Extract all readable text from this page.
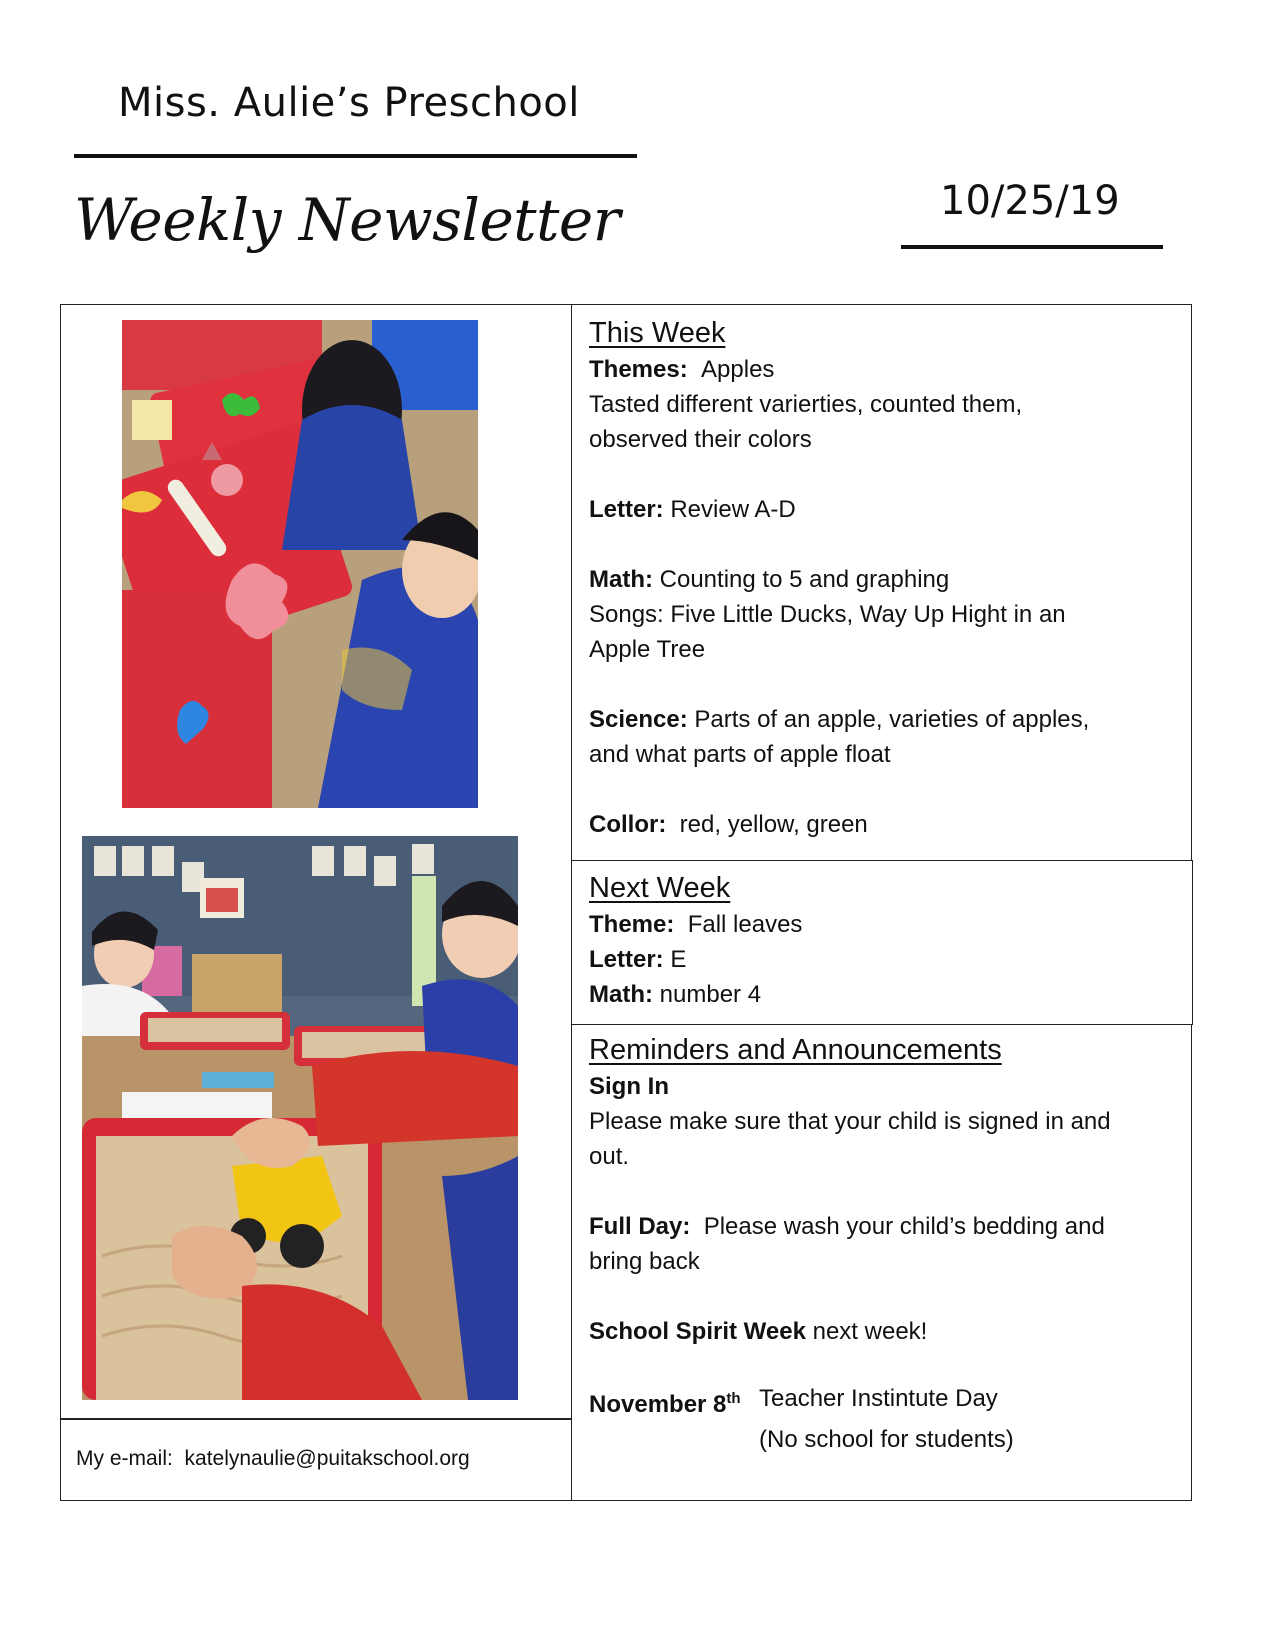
Miss. Aulie’s Preschool
Weekly Newsletter	10/25/19
This Week
Themes: Apples
Tasted different varierties, counted them,
observed their colors
Letter: Review A-D
Math: Counting to 5 and graphing
Songs: Five Little Ducks, Way Up Hight in an
Apple Tree
Science: Parts of an apple, varieties of apples,
and what parts of apple float
Collor: red, yellow, green
Next Week
Theme: Fall leaves
Letter: E
Math: number 4
Reminders and Announcements
Sign In
Please make sure that your child is signed in and
out.
Full Day: Please wash your child’s bedding and
bring back
School Spirit Week next week!
November 8th Teacher Instintute Day
(No school for students)
My e-mail: katelynaulie@puitakschool.org
